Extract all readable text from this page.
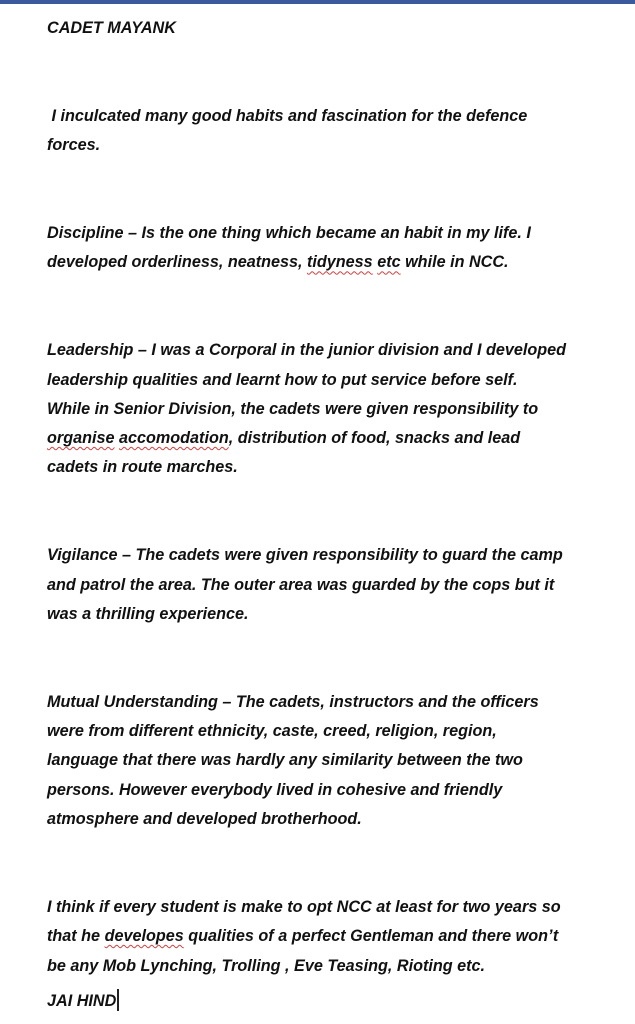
CADET MAYANK
I inculcated many good habits and fascination for the defence
forces.
Discipline – Is the one thing which became an habit in my life. I
developed orderliness, neatness, tidyness etc while in NCC.
Leadership – I was a Corporal in the junior division and I developed
leadership qualities and learnt how to put service before self.
While in Senior Division, the cadets were given responsibility to
organise accomodation, distribution of food, snacks and lead
cadets in route marches.
Vigilance – The cadets were given responsibility to guard the camp
and patrol the area. The outer area was guarded by the cops but it
was a thrilling experience.
Mutual Understanding – The cadets, instructors and the officers
were from different ethnicity, caste, creed, religion, region,
language that there was hardly any similarity between the two
persons. However everybody lived in cohesive and friendly
atmosphere and developed brotherhood.
I think if every student is make to opt NCC at least for two years so
that he developes qualities of a perfect Gentleman and there won’t
be any Mob Lynching, Trolling , Eve Teasing, Rioting etc.
JAI HIND
